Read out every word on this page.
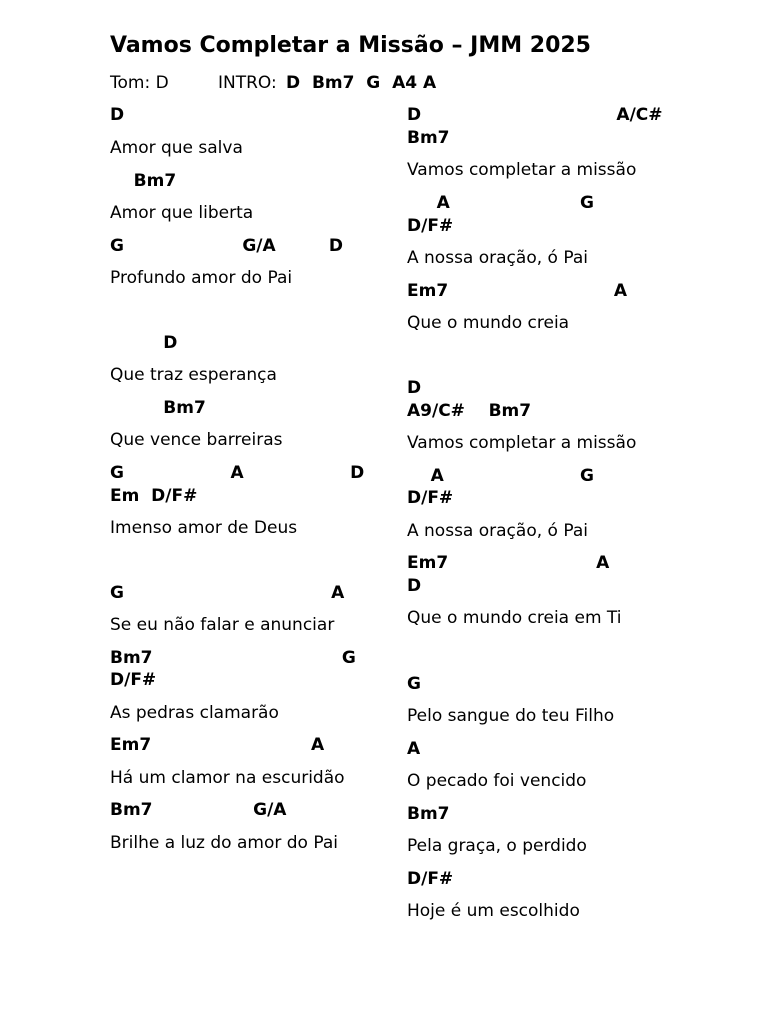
Vamos Completar a Missão – JMM 2025
Tom: D	INTRO: D  Bm7  G  A4 A
D
Amor que salva
Bm7
Amor que liberta
G                    G/A         D
Profundo amor do Pai
D
Que traz esperança
Bm7
Que vence barreiras
G                  A                  D
Em  D/F#
Imenso amor de Deus
G                                   A
Se eu não falar e anunciar
Bm7                                G
D/F#
As pedras clamarão
Em7                           A
Há um clamor na escuridão
Bm7                 G/A
Brilhe a luz do amor do Pai
D                                 A/C#
Bm7
Vamos completar a missão
A                      G
D/F#
A nossa oração, ó Pai
Em7                            A
Que o mundo creia
D
A9/C#    Bm7
Vamos completar a missão
A                       G
D/F#
A nossa oração, ó Pai
Em7                         A
D
Que o mundo creia em Ti
G
Pelo sangue do teu Filho
A
O pecado foi vencido
Bm7
Pela graça, o perdido
D/F#
Hoje é um escolhido
